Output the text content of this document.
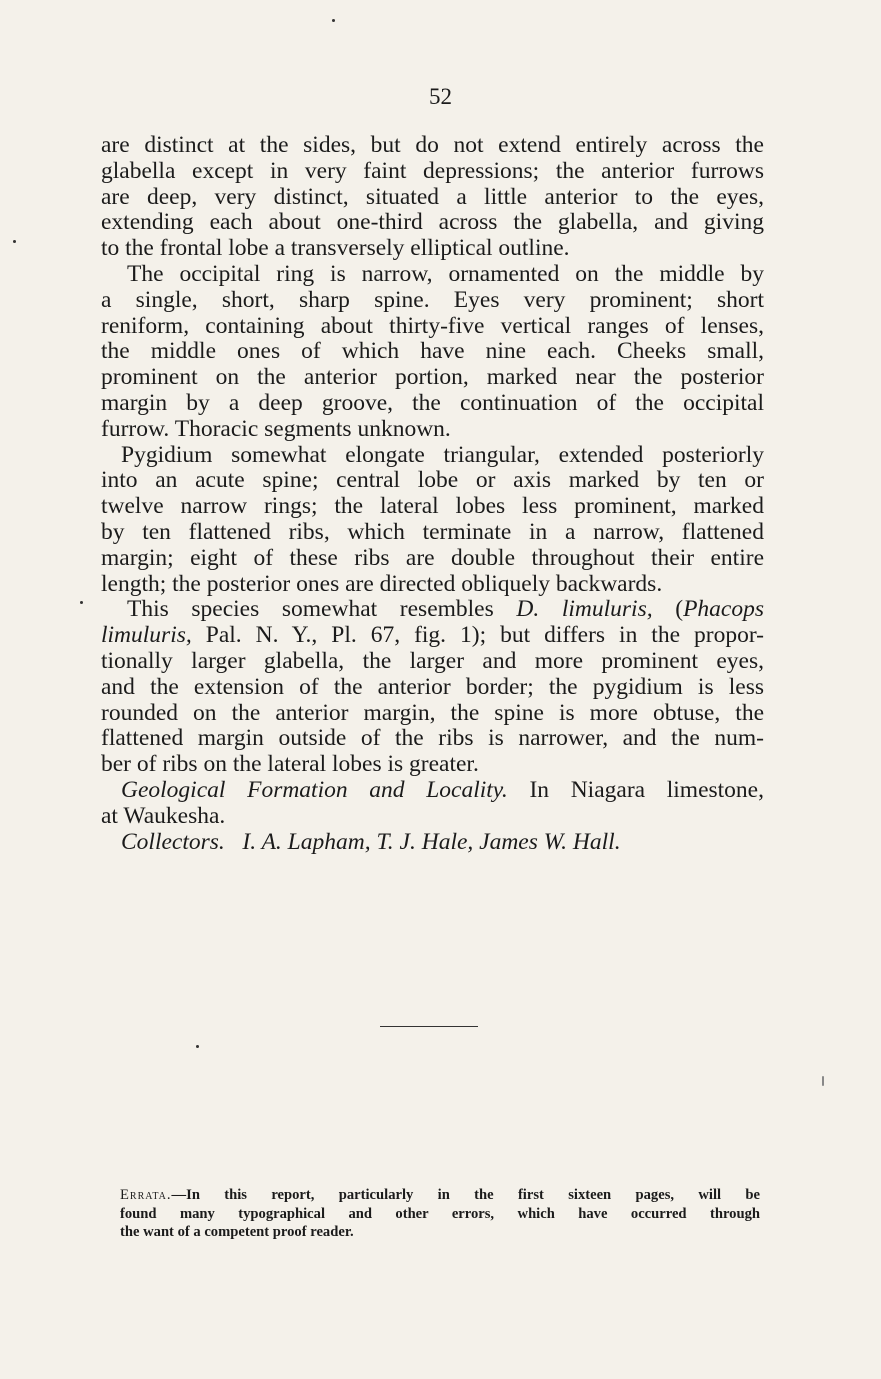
52
are distinct at the sides, but do not extend entirely across the
glabella except in very faint depressions; the anterior furrows
are deep, very distinct, situated a little anterior to the eyes,
extending each about one-third across the glabella, and giving
to the frontal lobe a transversely elliptical outline.
The occipital ring is narrow, ornamented on the middle by
a single, short, sharp spine. Eyes very prominent; short
reniform, containing about thirty-five vertical ranges of lenses,
the middle ones of which have nine each. Cheeks small,
prominent on the anterior portion, marked near the posterior
margin by a deep groove, the continuation of the occipital
furrow. Thoracic segments unknown.
Pygidium somewhat elongate triangular, extended posteriorly
into an acute spine; central lobe or axis marked by ten or
twelve narrow rings; the lateral lobes less prominent, marked
by ten flattened ribs, which terminate in a narrow, flattened
margin; eight of these ribs are double throughout their entire
length; the posterior ones are directed obliquely backwards.
This species somewhat resembles D. limuluris, (Phacops
limuluris, Pal. N. Y., Pl. 67, fig. 1); but differs in the propor-
tionally larger glabella, the larger and more prominent eyes,
and the extension of the anterior border; the pygidium is less
rounded on the anterior margin, the spine is more obtuse, the
flattened margin outside of the ribs is narrower, and the num-
ber of ribs on the lateral lobes is greater.
Geological Formation and Locality. In Niagara limestone,
at Waukesha.
Collectors. I. A. Lapham, T. J. Hale, James W. Hall.
Errata.—In this report, particularly in the first sixteen pages, will be
found many typographical and other errors, which have occurred through
the want of a competent proof reader.
